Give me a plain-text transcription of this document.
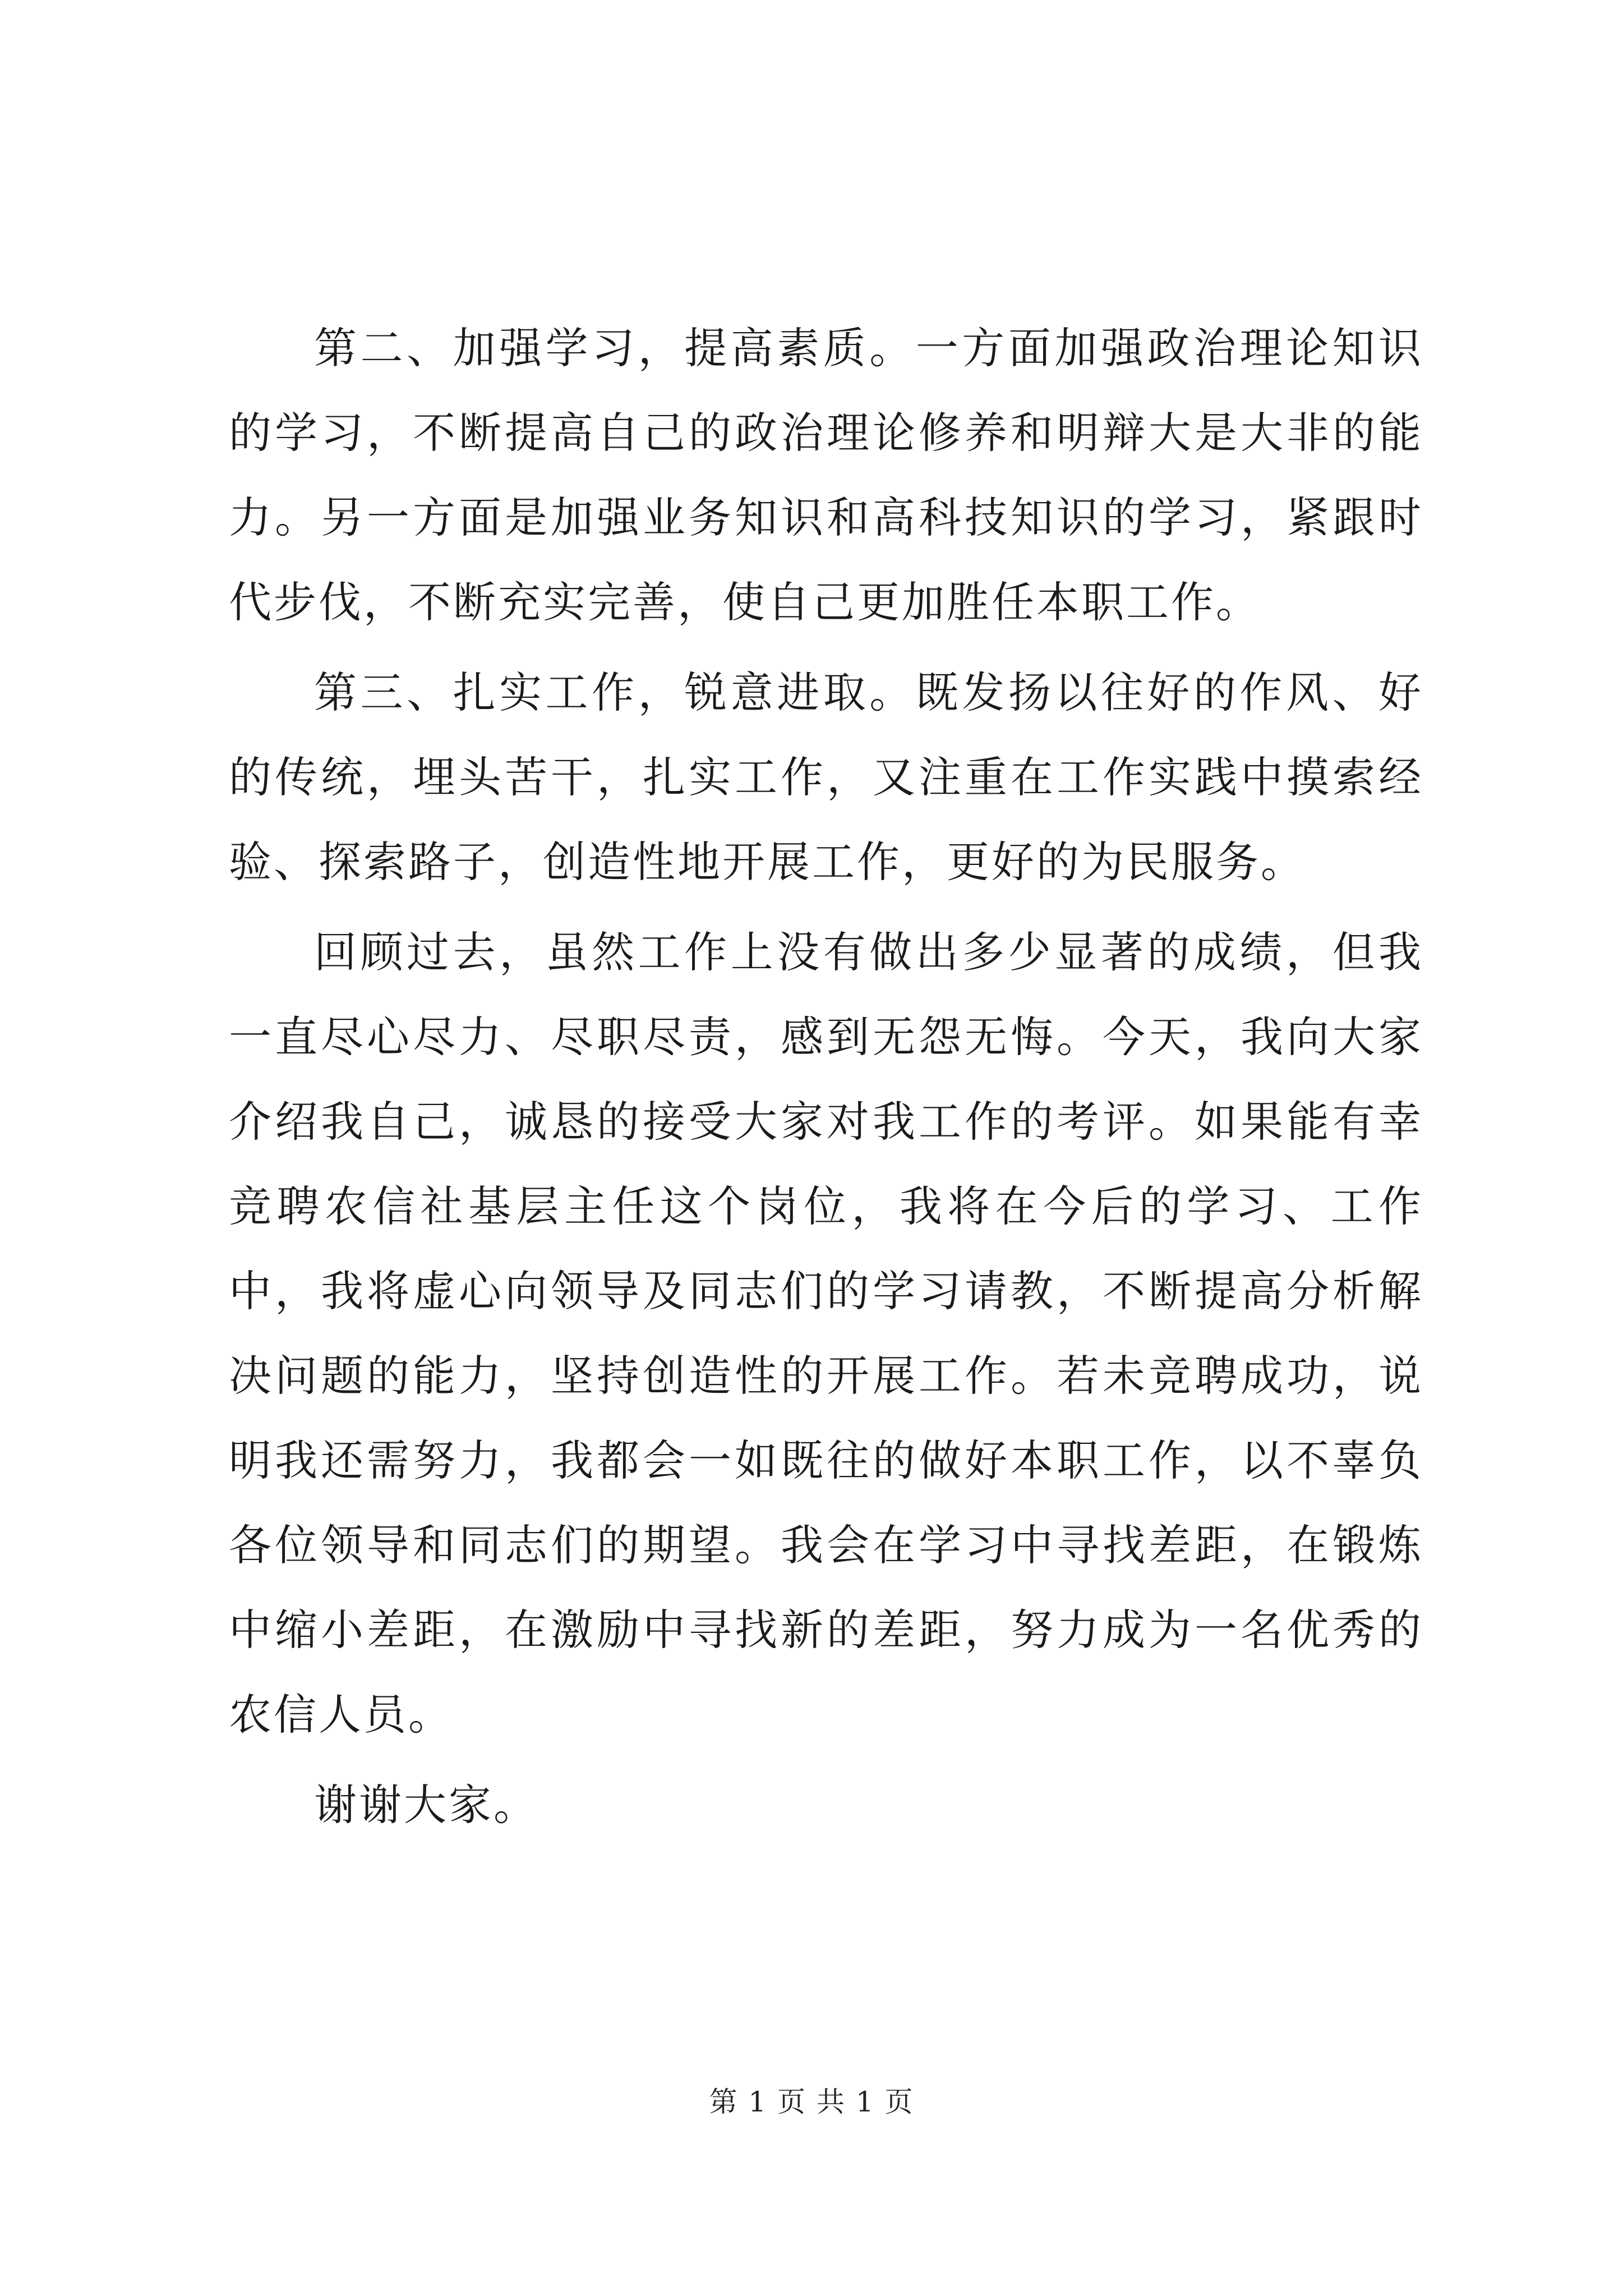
第二、加强学习，提高素质。一方面加强政治理论知识的学习，不断提高自己的政治理论修养和明辩大是大非的能力。另一方面是加强业务知识和高科技知识的学习，紧跟时代步伐，不断充实完善，使自己更加胜任本职工作。

第三、扎实工作，锐意进取。既发扬以往好的作风、好的传统，埋头苦干，扎实工作，又注重在工作实践中摸索经验、探索路子，创造性地开展工作，更好的为民服务。

回顾过去，虽然工作上没有做出多少显著的成绩，但我一直尽心尽力、尽职尽责，感到无怨无悔。今天，我向大家介绍我自己，诚恳的接受大家对我工作的考评。如果能有幸竞聘农信社基层主任这个岗位，我将在今后的学习、工作中，我将虚心向领导及同志们的学习请教，不断提高分析解决问题的能力，坚持创造性的开展工作。若未竞聘成功，说明我还需努力，我都会一如既往的做好本职工作，以不辜负各位领导和同志们的期望。我会在学习中寻找差距，在锻炼中缩小差距，在激励中寻找新的差距，努力成为一名优秀的农信人员。

谢谢大家。

第 1 页 共 1 页
